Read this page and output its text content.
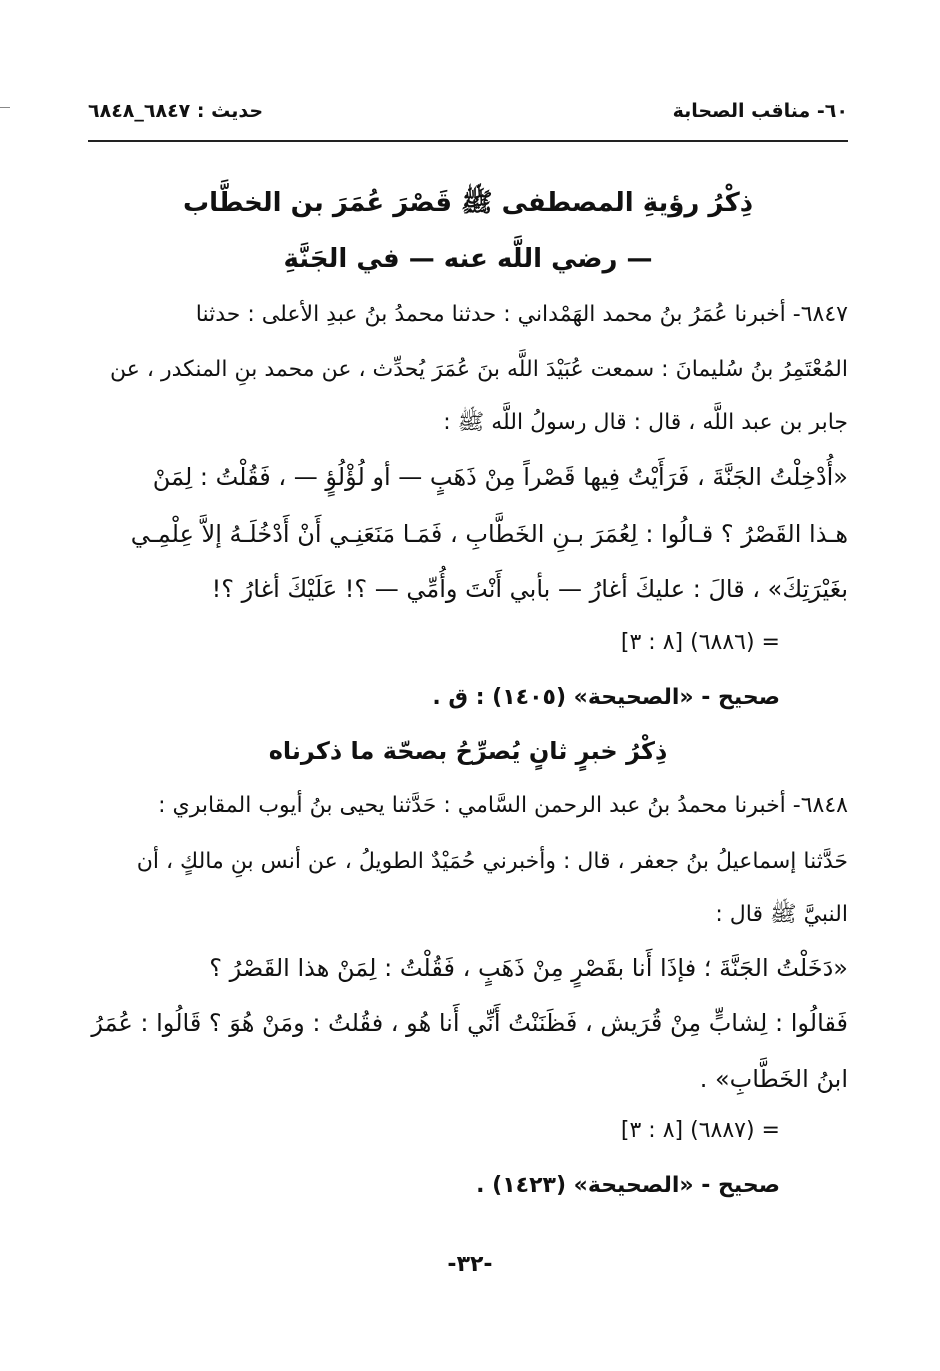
٦٠- مناقب الصحابة
حديث : ٦٨٤٧_٦٨٤٨
ذِكْرُ رؤيةِ المصطفى ﷺ قَصْرَ عُمَرَ بن الخطَّاب
— رضي اللَّه عنه — في الجَنَّةِ
٦٨٤٧- أخبرنا عُمَرُ بنُ محمد الهَمْداني : حدثنا محمدُ بنُ عبدِ الأعلى : حدثنا
المُعْتَمِرُ بنُ سُليمانَ : سمعت عُبَيْدَ اللَّه بنَ عُمَرَ يُحدِّث ، عن محمد بنِ المنكدر ، عن
جابر بن عبد اللَّه ، قال : قال رسولُ اللَّه ﷺ :
«أُدْخِلْتُ الجَنَّةَ ، فَرَأَيْتُ فِيها قَصْراً مِنْ ذَهَبٍ — أو لُؤْلُؤٍ — ، فَقُلْتُ : لِمَنْ
هـذا القَصْرُ ؟ قـالُوا : لِعُمَرَ بـنِ الخَطَّابِ ، فَمَـا مَنَعَنِـي أَنْ أَدْخُلَـهُ إلاَّ عِلْمِـي
بغَيْرَتِكَ» ، قالَ : عليكَ أغارُ — بأبي أَنْتَ وأُمِّي — ؟! عَلَيْكَ أغارُ ؟!
= (٦٨٨٦) [٨ : ٣]
صحيح - «الصحيحة» (١٤٠٥) : ق .
ذِكْرُ خبرٍ ثانٍ يُصرِّحُ بصحّة ما ذكرناه
٦٨٤٨- أخبرنا محمدُ بنُ عبد الرحمن السَّامي : حَدَّثنا يحيى بنُ أيوب المقابري :
حَدَّثنا إسماعيلُ بنُ جعفر ، قال : وأخبرني حُمَيْدٌ الطويلُ ، عن أنس بنِ مالكٍ ، أن
النبيَّ ﷺ قال :
«دَخَلْتُ الجَنَّةَ ؛ فإذَا أَنا بقَصْرٍ مِنْ ذَهَبٍ ، فَقُلْتُ : لِمَنْ هذا القَصْرُ ؟
فَقالُوا : لِشابٍّ مِنْ قُرَيش ، فَظَنَنْتُ أَنِّي أَنا هُو ، فقُلتُ : ومَنْ هُوَ ؟ قَالُوا : عُمَرُ
ابنُ الخَطَّابِ» .
= (٦٨٨٧) [٨ : ٣]
صحيح - «الصحيحة» (١٤٢٣) .
-٣٢-
